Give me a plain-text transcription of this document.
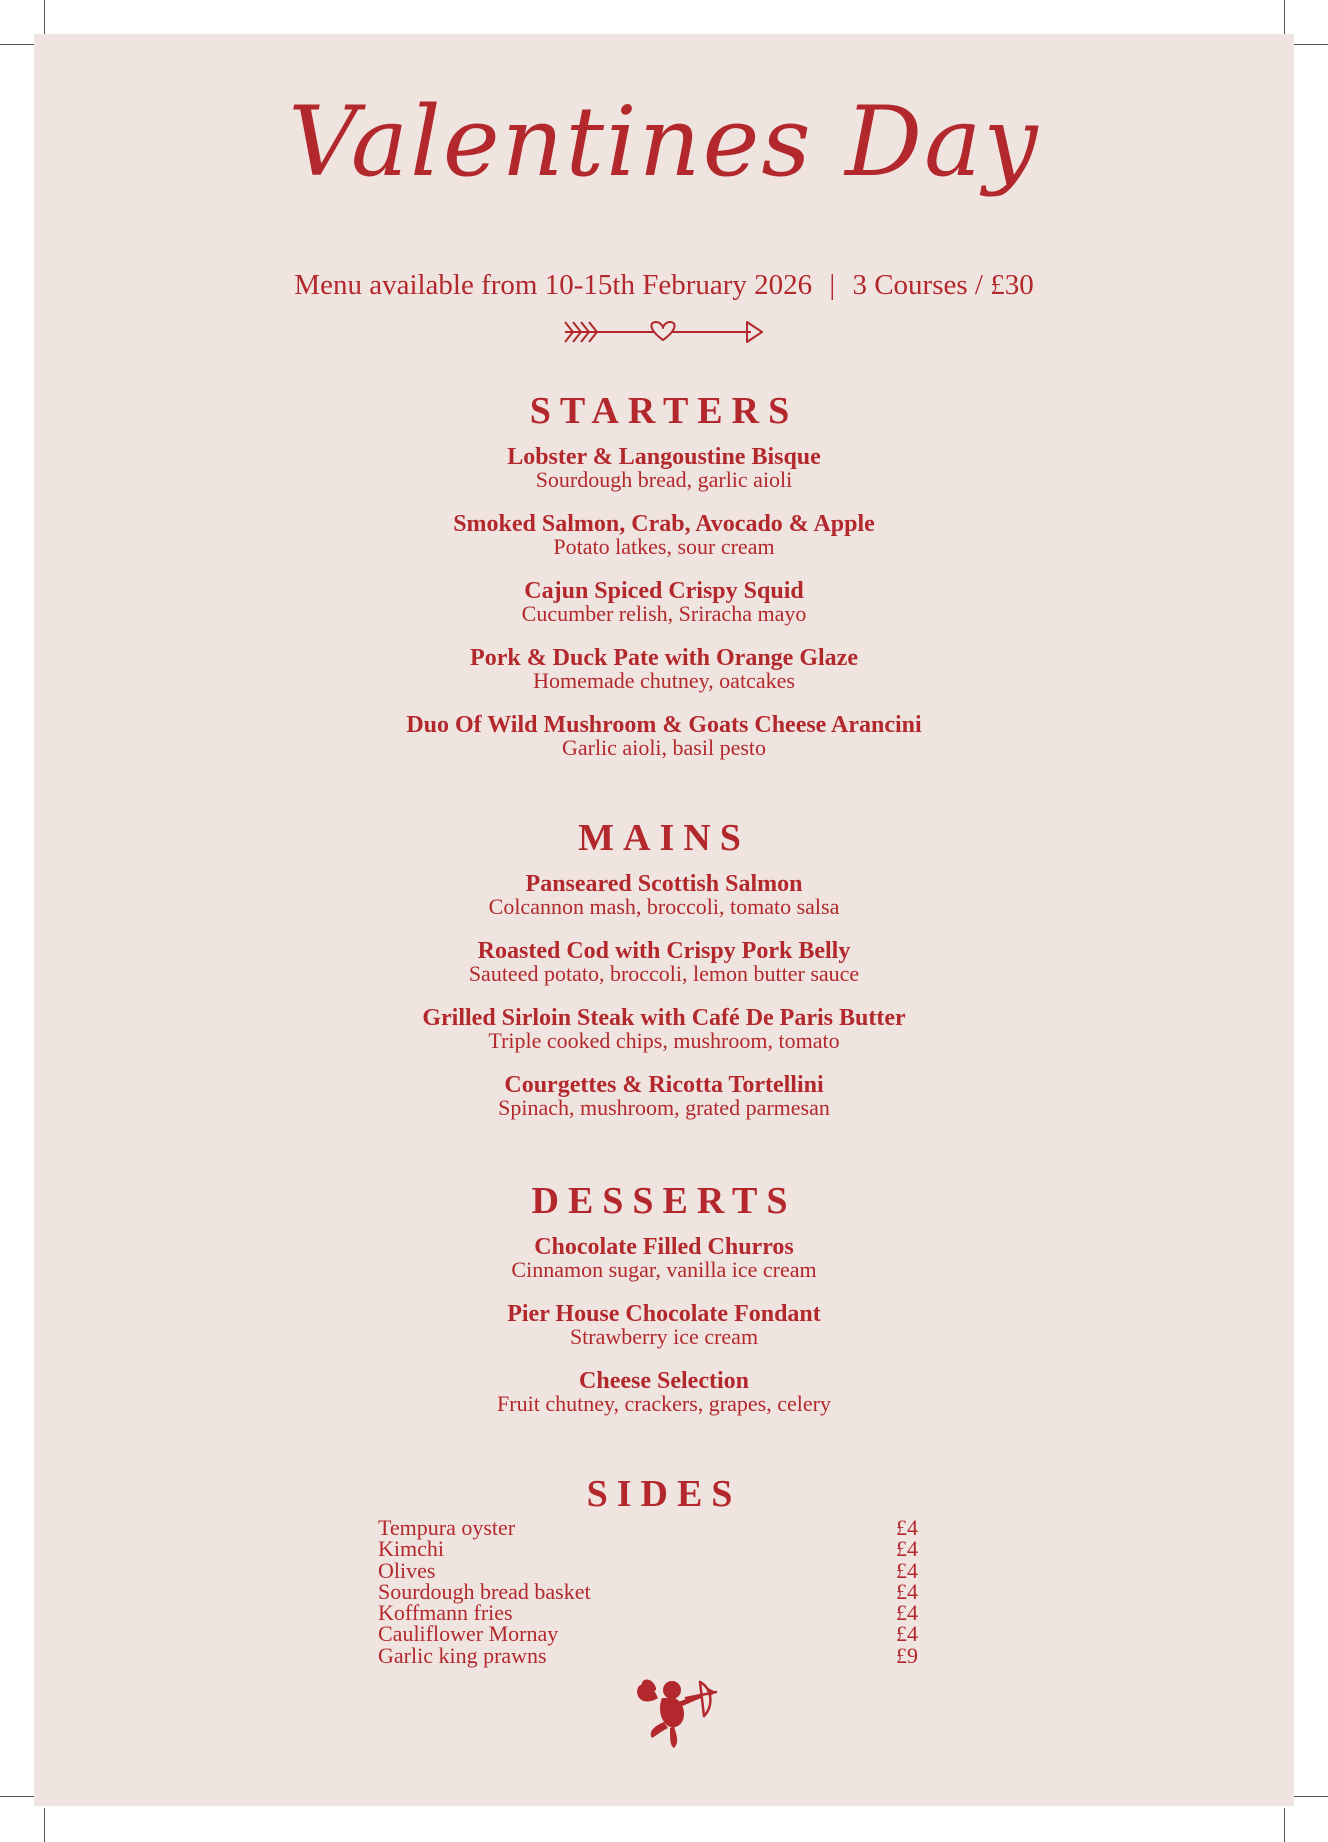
Valentines Day
Menu available from 10-15th February 2026 | 3 Courses / £30
STARTERS
Lobster & Langoustine Bisque
Sourdough bread, garlic aioli
Smoked Salmon, Crab, Avocado & Apple
Potato latkes, sour cream
Cajun Spiced Crispy Squid
Cucumber relish, Sriracha mayo
Pork & Duck Pate with Orange Glaze
Homemade chutney, oatcakes
Duo Of Wild Mushroom & Goats Cheese Arancini
Garlic aioli, basil pesto
MAINS
Panseared Scottish Salmon
Colcannon mash, broccoli, tomato salsa
Roasted Cod with Crispy Pork Belly
Sauteed potato, broccoli, lemon butter sauce
Grilled Sirloin Steak with Café De Paris Butter
Triple cooked chips, mushroom, tomato
Courgettes & Ricotta Tortellini
Spinach, mushroom, grated parmesan
DESSERTS
Chocolate Filled Churros
Cinnamon sugar, vanilla ice cream
Pier House Chocolate Fondant
Strawberry ice cream
Cheese Selection
Fruit chutney, crackers, grapes, celery
SIDES
Tempura oyster	£4
Kimchi	£4
Olives	£4
Sourdough bread basket	£4
Koffmann fries	£4
Cauliflower Mornay	£4
Garlic king prawns	£9
